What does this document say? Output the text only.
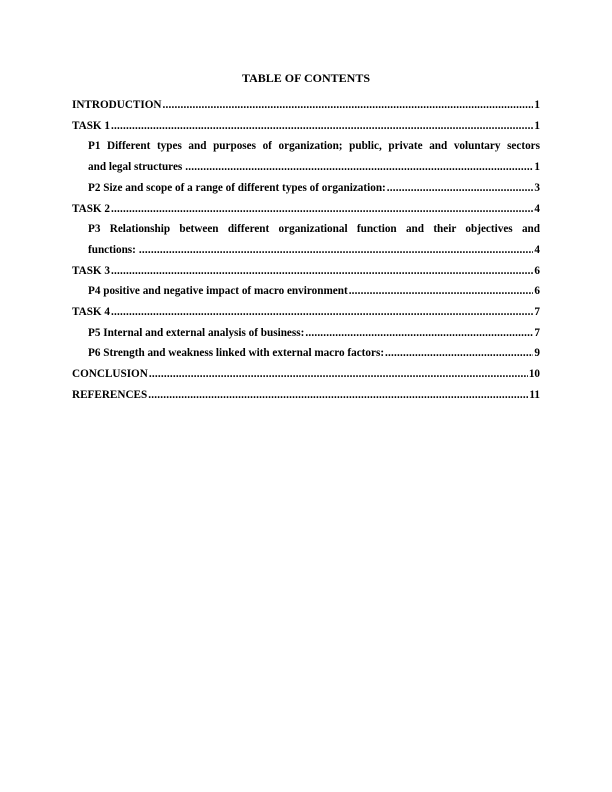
TABLE OF CONTENTS
INTRODUCTION .....	1
TASK 1 .....	1
P1 Different types and purposes of organization; public, private and voluntary sectors
and legal structures .....	1
P2 Size and scope of a range of different types of organization: .....	3
TASK 2 .....	4
P3 Relationship between different organizational function and their objectives and
functions: .....	4
TASK 3 .....	6
P4 positive and negative impact of macro environment .....	6
TASK 4 .....	7
P5 Internal and external analysis of business: .....	7
P6 Strength and weakness linked with external macro factors: .....	9
CONCLUSION .....	10
REFERENCES .....	11
